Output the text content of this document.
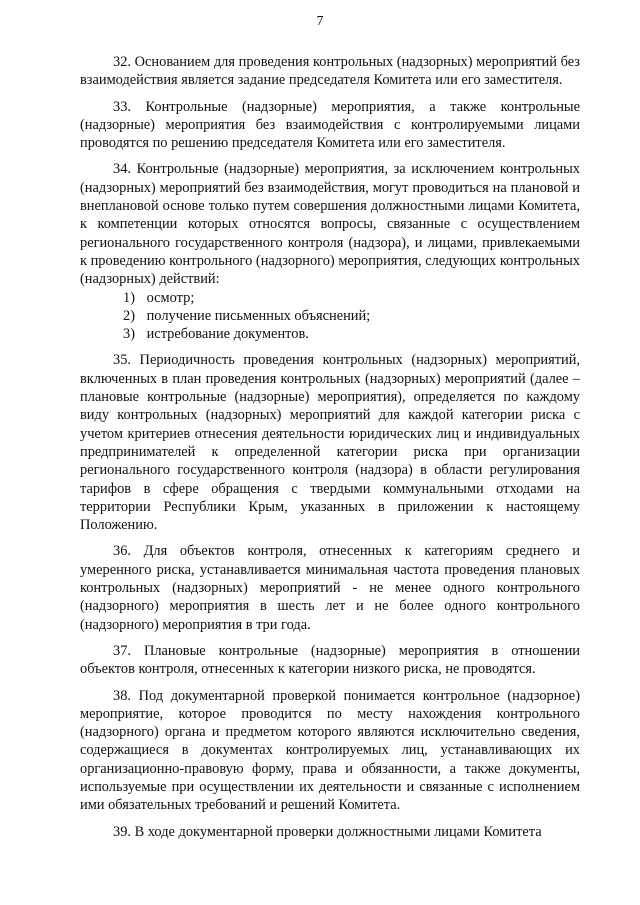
7

32. Основанием для проведения контрольных (надзорных) мероприятий без взаимодействия является задание председателя Комитета или его заместителя.

33. Контрольные (надзорные) мероприятия, а также контрольные (надзорные) мероприятия без взаимодействия с контролируемыми лицами проводятся по решению председателя Комитета или его заместителя.

34. Контрольные (надзорные) мероприятия, за исключением контрольных (надзорных) мероприятий без взаимодействия, могут проводиться на плановой и внеплановой основе только путем совершения должностными лицами Комитета, к компетенции которых относятся вопросы, связанные с осуществлением регионального государственного контроля (надзора), и лицами, привлекаемыми к проведению контрольного (надзорного) мероприятия, следующих контрольных (надзорных) действий:

1) осмотр;
2) получение письменных объяснений;
3) истребование документов.

35. Периодичность проведения контрольных (надзорных) мероприятий, включенных в план проведения контрольных (надзорных) мероприятий (далее – плановые контрольные (надзорные) мероприятия), определяется по каждому виду контрольных (надзорных) мероприятий для каждой категории риска с учетом критериев отнесения деятельности юридических лиц и индивидуальных предпринимателей к определенной категории риска при организации регионального государственного контроля (надзора) в области регулирования тарифов в сфере обращения с твердыми коммунальными отходами на территории Республики Крым, указанных в приложении к настоящему Положению.

36. Для объектов контроля, отнесенных к категориям среднего и умеренного риска, устанавливается минимальная частота проведения плановых контрольных (надзорных) мероприятий - не менее одного контрольного (надзорного) мероприятия в шесть лет и не более одного контрольного (надзорного) мероприятия в три года.

37. Плановые контрольные (надзорные) мероприятия в отношении объектов контроля, отнесенных к категории низкого риска, не проводятся.

38. Под документарной проверкой понимается контрольное (надзорное) мероприятие, которое проводится по месту нахождения контрольного (надзорного) органа и предметом которого являются исключительно сведения, содержащиеся в документах контролируемых лиц, устанавливающих их организационно-правовую форму, права и обязанности, а также документы, используемые при осуществлении их деятельности и связанные с исполнением ими обязательных требований и решений Комитета.

39. В ходе документарной проверки должностными лицами Комитета
